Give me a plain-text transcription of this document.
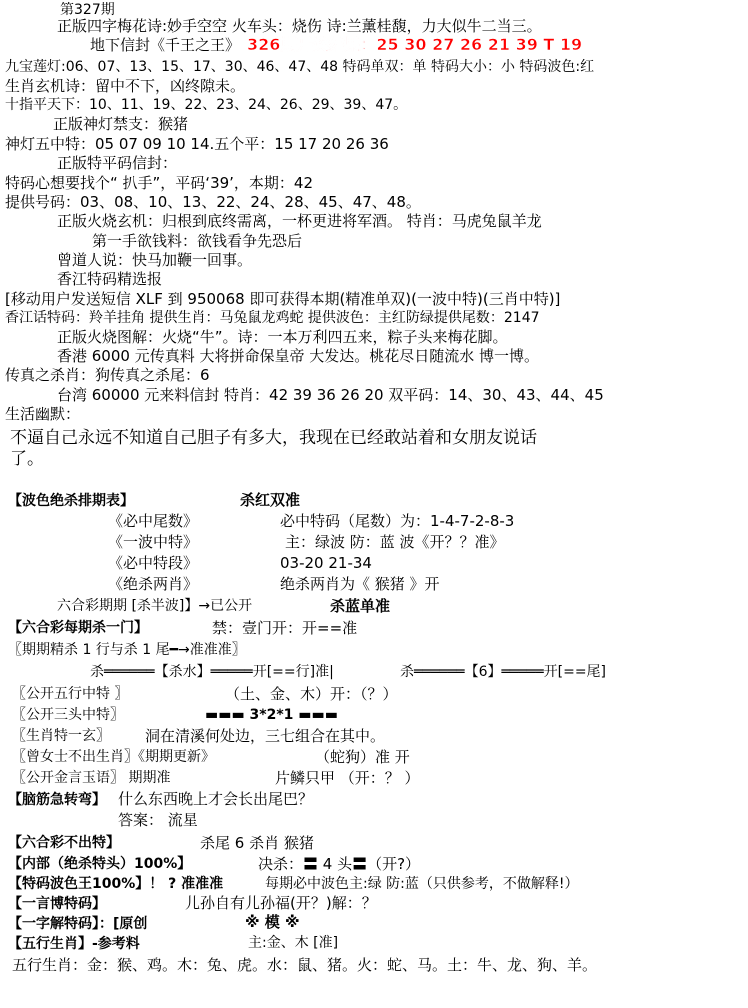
第327期
正版四字梅花诗:妙手空空 火车头：烧伤 诗:兰薰桂馥，力大似牛二当三。
地下信封《千王之王》 326期开奖结果：25 30 27 26 21 39 T 19
九宝莲灯:06、07、13、15、17、30、46、47、48 特码单双：单 特码大小：小 特码波色:红
生肖玄机诗：留中不下，凶终隙未。
十指平天下：10、11、19、22、23、24、26、29、39、47。
正版神灯禁支：猴猪
神灯五中特：05 07 09 10 14.五个平：15 17 20 26 36
正版特平码信封：
特码心想要找个“ 扒手”，平码‘39’，本期：42
提供号码：03、08、10、13、22、24、28、45、47、48。
正版火烧玄机：归根到底终需离，一杯更进将军酒。 特肖：马虎兔鼠羊龙
第一手欲钱料：欲钱看争先恐后
曾道人说：快马加鞭一回事。
香江特码精选报
[移动用户发送短信 XLF 到 950068 即可获得本期(精准单双)(一波中特)(三肖中特)]
香江话特码：羚羊挂角 提供生肖：马兔鼠龙鸡蛇 提供波色：主红防绿提供尾数：2147
正版火烧图解：火烧“牛”。诗：一本万利四五来，粽子头来梅花脚。
香港 6000 元传真料 大将拼命保皇帝 大发达。桃花尽日随流水 博一博。
传真之杀肖：狗传真之杀尾：6
台湾 60000 元来料信封 特肖：42 39 36 26 20 双平码：14、30、43、44、45
生活幽默：
不逼自己永远不知道自己胆子有多大，我现在已经敢站着和女朋友说话
了。
【波色绝杀排期表】	杀红双准
《必中尾数》	必中特码（尾数）为：1-4-7-2-8-3
《一波中特》	主：绿波 防：蓝 波《开？？准》
《必中特段》	03-20 21-34
《绝杀两肖》	绝杀两肖为《 猴猪 》开
六合彩期期 [杀半波]】→已公开	杀蓝单准
【六合彩每期杀一门】	禁：壹门开：开==准
〖期期精杀 1 行与杀 1 尾━→准准准〗
杀══════【杀水】═════开[==行]准|	杀══════【6】═════开[==尾]
〖公开五行中特 〗	（土、金、木）开：（？）
〖公开三头中特〗	▬▬▬ 3*2*1 ▬▬▬
〖生肖特一玄〗 洞在清溪何处边，三七组合在其中。
〖曾女士不出生肖〗《期期更新》	（蛇狗）准 开
〖公开金言玉语〗 期期准	片鳞只甲 （开：？ ）
【脑筋急转弯】 什么东西晚上才会长出尾巴？
答案： 流星
【六合彩不出特】	杀尾 6 杀肖 猴猪
【内部（绝杀特头）100%】	决杀：〓 4 头〓（开?）
【特码波色王100%】！ ? 准准准	每期必中波色主:绿 防:蓝（只供参考，不做解释!）
【一言博特码】	儿孙自有儿孙福(开？)解：？
【一字解特码】：[原创	※ 模 ※
【五行生肖】-参考料	主:金、木 [准]
五行生肖：金：猴、鸡。木：兔、虎。水：鼠、猪。火：蛇、马。土：牛、龙、狗、羊。
